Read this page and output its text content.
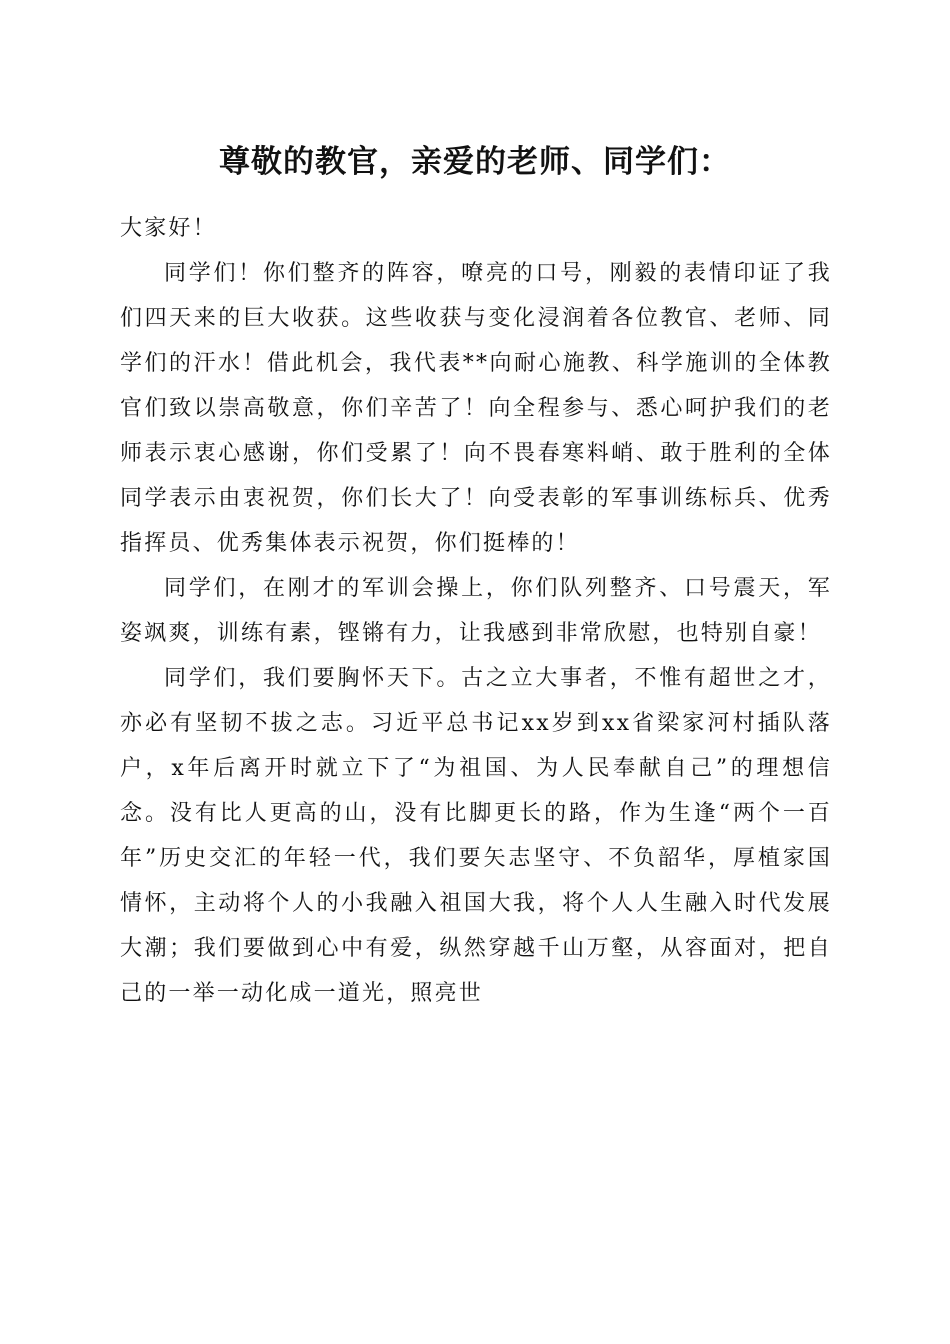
尊敬的教官，亲爱的老师、同学们：

大家好！

同学们！你们整齐的阵容，嘹亮的口号，刚毅的表情印证了我们四天来的巨大收获。这些收获与变化浸润着各位教官、老师、同学们的汗水！借此机会，我代表**向耐心施教、科学施训的全体教官们致以崇高敬意，你们辛苦了！向全程参与、悉心呵护我们的老师表示衷心感谢，你们受累了！向不畏春寒料峭、敢于胜利的全体同学表示由衷祝贺，你们长大了！向受表彰的军事训练标兵、优秀指挥员、优秀集体表示祝贺，你们挺棒的！

同学们，在刚才的军训会操上，你们队列整齐、口号震天，军姿飒爽，训练有素，铿锵有力，让我感到非常欣慰，也特别自豪！

同学们，我们要胸怀天下。古之立大事者，不惟有超世之才，亦必有坚韧不拔之志。习近平总书记xx岁到xx省梁家河村插队落户，x年后离开时就立下了“为祖国、为人民奉献自己”的理想信念。没有比人更高的山，没有比脚更长的路，作为生逢“两个一百年”历史交汇的年轻一代，我们要矢志坚守、不负韶华，厚植家国情怀，主动将个人的小我融入祖国大我，将个人人生融入时代发展大潮；我们要做到心中有爱，纵然穿越千山万壑，从容面对，把自己的一举一动化成一道光，照亮世
